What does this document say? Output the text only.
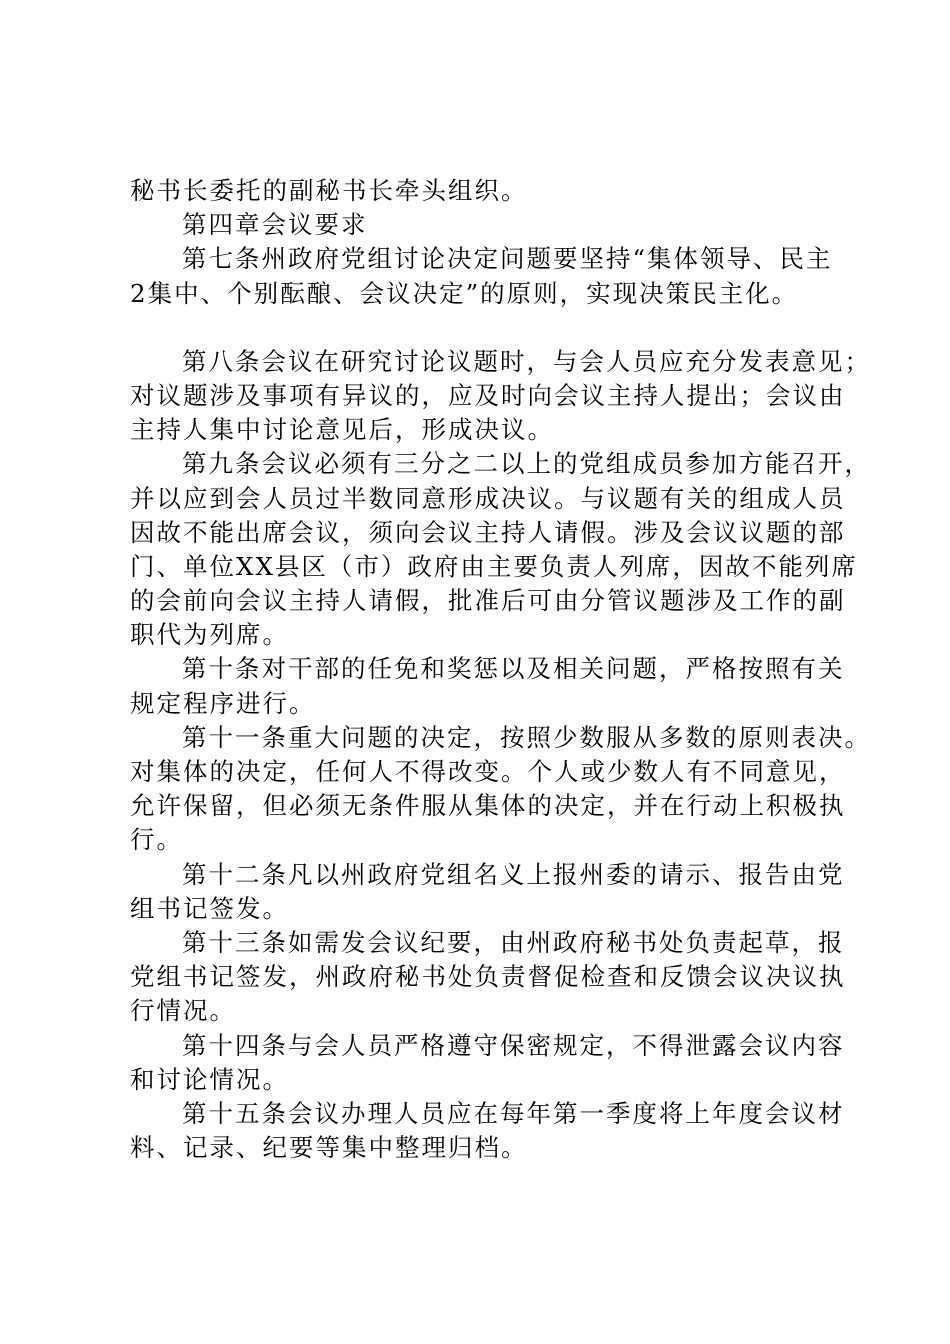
秘书长委托的副秘书长牵头组织。
第四章会议要求
第七条州政府党组讨论决定问题要坚持“集体领导、民主
2集中、个别酝酿、会议决定”的原则，实现决策民主化。
第八条会议在研究讨论议题时，与会人员应充分发表意见；
对议题涉及事项有异议的，应及时向会议主持人提出；会议由
主持人集中讨论意见后，形成决议。
第九条会议必须有三分之二以上的党组成员参加方能召开，
并以应到会人员过半数同意形成决议。与议题有关的组成人员
因故不能出席会议，须向会议主持人请假。涉及会议议题的部
门、单位XX县区（市）政府由主要负责人列席，因故不能列席
的会前向会议主持人请假，批准后可由分管议题涉及工作的副
职代为列席。
第十条对干部的任免和奖惩以及相关问题，严格按照有关
规定程序进行。
第十一条重大问题的决定，按照少数服从多数的原则表决。
对集体的决定，任何人不得改变。个人或少数人有不同意见，
允许保留，但必须无条件服从集体的决定，并在行动上积极执
行。
第十二条凡以州政府党组名义上报州委的请示、报告由党
组书记签发。
第十三条如需发会议纪要，由州政府秘书处负责起草，报
党组书记签发，州政府秘书处负责督促检查和反馈会议决议执
行情况。
第十四条与会人员严格遵守保密规定，不得泄露会议内容
和讨论情况。
第十五条会议办理人员应在每年第一季度将上年度会议材
料、记录、纪要等集中整理归档。
